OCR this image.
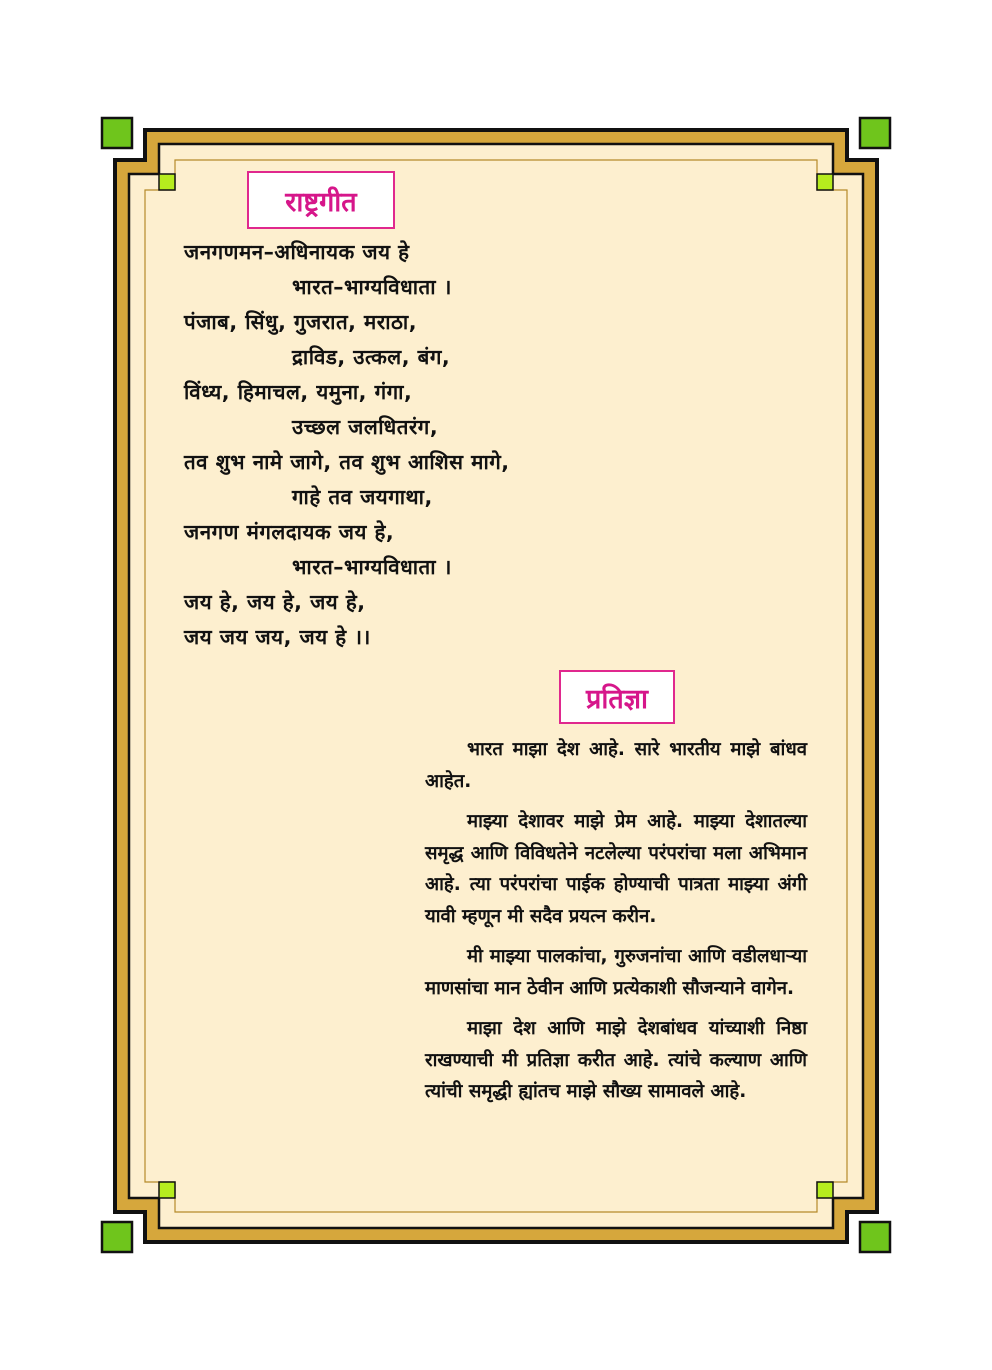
राष्ट्रगीत
जनगणमन–अधिनायक जय हे
भारत–भाग्यविधाता ।
पंजाब, सिंधु, गुजरात, मराठा,
द्राविड, उत्कल, बंग,
विंध्य, हिमाचल, यमुना, गंगा,
उच्छल जलधितरंग,
तव शुभ नामे जागे, तव शुभ आशिस मागे,
गाहे तव जयगाथा,
जनगण मंगलदायक जय हे,
भारत–भाग्यविधाता ।
जय हे, जय हे, जय हे,
जय जय जय, जय हे ।।
प्रतिज्ञा

भारत माझा देश आहे. सारे भारतीय माझे बांधव आहेत.

माझ्या देशावर माझे प्रेम आहे. माझ्या देशातल्या समृद्ध आणि विविधतेने नटलेल्या परंपरांचा मला अभिमान आहे. त्या परंपरांचा पाईक होण्याची पात्रता माझ्या अंगी यावी म्हणून मी सदैव प्रयत्न करीन.

मी माझ्या पालकांचा, गुरुजनांचा आणि वडीलधाऱ्या माणसांचा मान ठेवीन आणि प्रत्येकाशी सौजन्याने वागेन.

माझा देश आणि माझे देशबांधव यांच्याशी निष्ठा राखण्याची मी प्रतिज्ञा करीत आहे. त्यांचे कल्याण आणि त्यांची समृद्धी ह्यांतच माझे सौख्य सामावले आहे.
